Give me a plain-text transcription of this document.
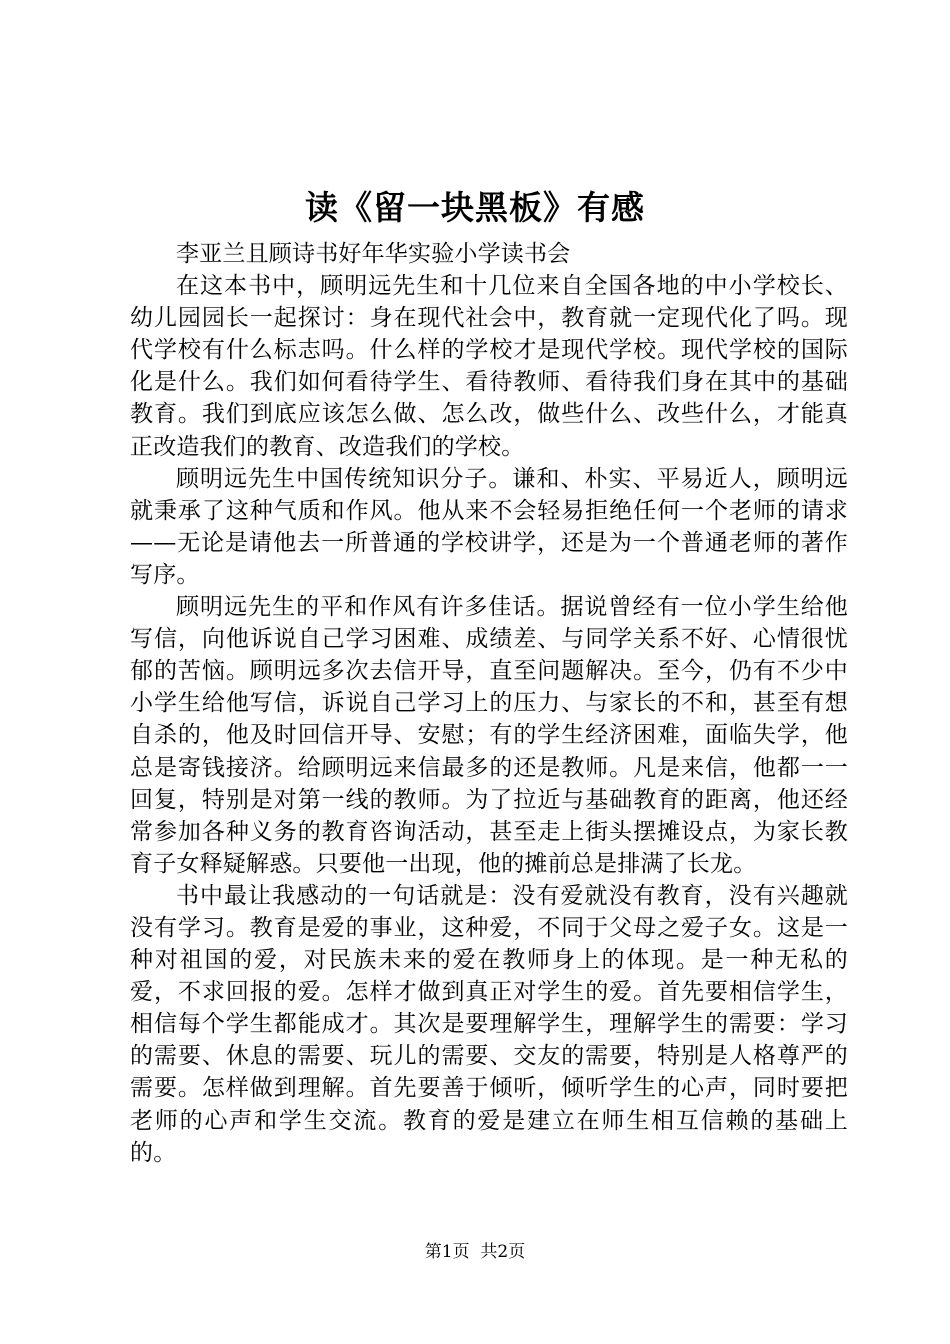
读《留一块黑板》有感

李亚兰且顾诗书好年华实验小学读书会

在这本书中，顾明远先生和十几位来自全国各地的中小学校长、幼儿园园长一起探讨：身在现代社会中，教育就一定现代化了吗。现代学校有什么标志吗。什么样的学校才是现代学校。现代学校的国际化是什么。我们如何看待学生、看待教师、看待我们身在其中的基础教育。我们到底应该怎么做、怎么改，做些什么、改些什么，才能真正改造我们的教育、改造我们的学校。

顾明远先生中国传统知识分子。谦和、朴实、平易近人，顾明远就秉承了这种气质和作风。他从来不会轻易拒绝任何一个老师的请求——无论是请他去一所普通的学校讲学，还是为一个普通老师的著作写序。

顾明远先生的平和作风有许多佳话。据说曾经有一位小学生给他写信，向他诉说自己学习困难、成绩差、与同学关系不好、心情很忧郁的苦恼。顾明远多次去信开导，直至问题解决。至今，仍有不少中小学生给他写信，诉说自己学习上的压力、与家长的不和，甚至有想自杀的，他及时回信开导、安慰；有的学生经济困难，面临失学，他总是寄钱接济。给顾明远来信最多的还是教师。凡是来信，他都一一回复，特别是对第一线的教师。为了拉近与基础教育的距离，他还经常参加各种义务的教育咨询活动，甚至走上街头摆摊设点，为家长教育子女释疑解惑。只要他一出现，他的摊前总是排满了长龙。

书中最让我感动的一句话就是：没有爱就没有教育，没有兴趣就没有学习。教育是爱的事业，这种爱，不同于父母之爱子女。这是一种对祖国的爱，对民族未来的爱在教师身上的体现。是一种无私的爱，不求回报的爱。怎样才做到真正对学生的爱。首先要相信学生，相信每个学生都能成才。其次是要理解学生，理解学生的需要：学习的需要、休息的需要、玩儿的需要、交友的需要，特别是人格尊严的需要。怎样做到理解。首先要善于倾听，倾听学生的心声，同时要把老师的心声和学生交流。教育的爱是建立在师生相互信赖的基础上的。

第1页 共2页
